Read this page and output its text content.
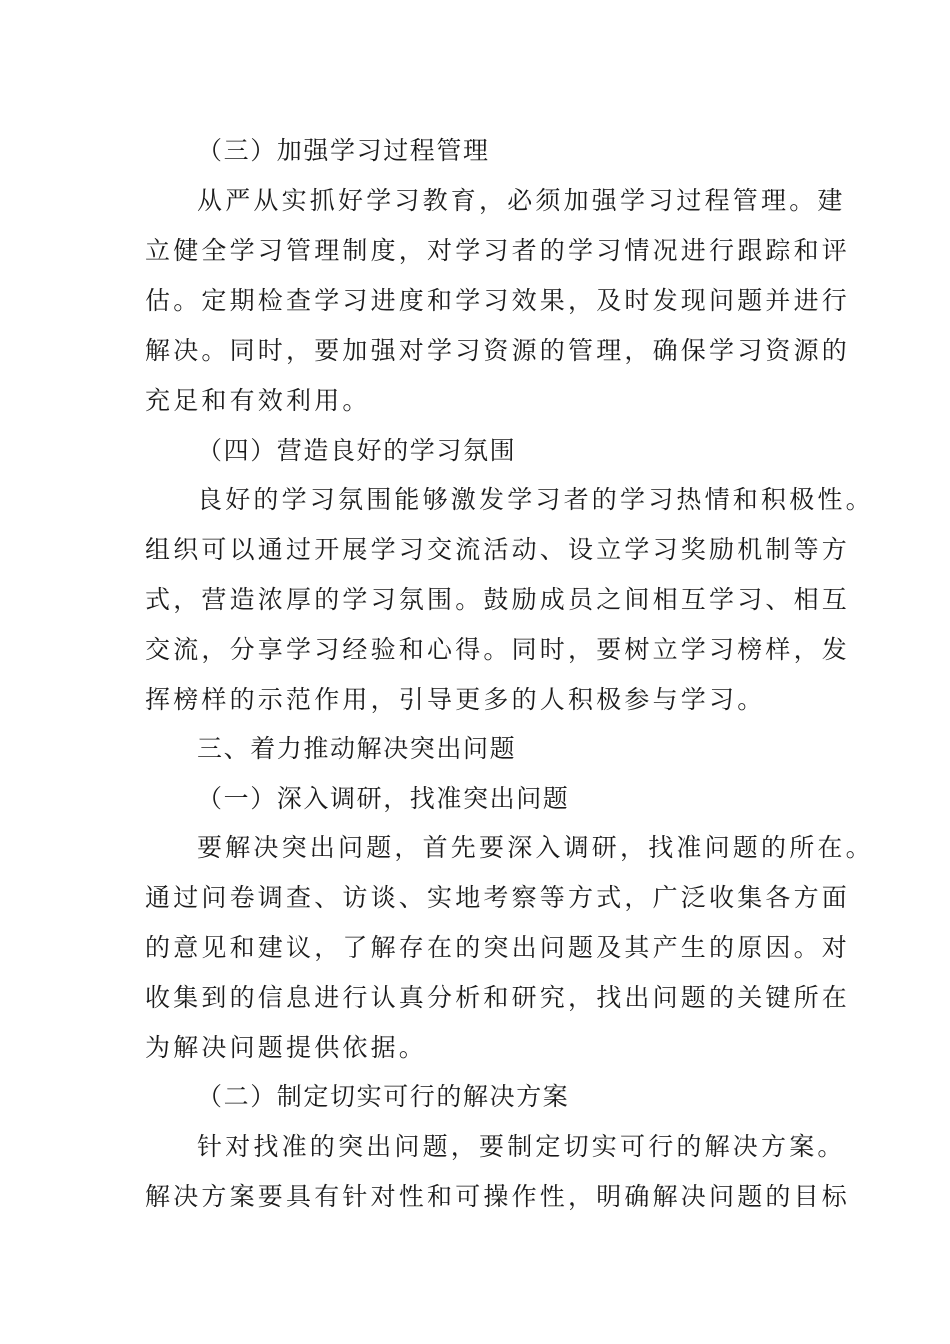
（三）加强学习过程管理
从严从实抓好学习教育，必须加强学习过程管理。建
立健全学习管理制度，对学习者的学习情况进行跟踪和评
估。定期检查学习进度和学习效果，及时发现问题并进行
解决。同时，要加强对学习资源的管理，确保学习资源的
充足和有效利用。
（四）营造良好的学习氛围
良好的学习氛围能够激发学习者的学习热情和积极性。
组织可以通过开展学习交流活动、设立学习奖励机制等方
式，营造浓厚的学习氛围。鼓励成员之间相互学习、相互
交流，分享学习经验和心得。同时，要树立学习榜样，发
挥榜样的示范作用，引导更多的人积极参与学习。
三、着力推动解决突出问题
（一）深入调研，找准突出问题
要解决突出问题，首先要深入调研，找准问题的所在。
通过问卷调查、访谈、实地考察等方式，广泛收集各方面
的意见和建议，了解存在的突出问题及其产生的原因。对
收集到的信息进行认真分析和研究，找出问题的关键所在
为解决问题提供依据。
（二）制定切实可行的解决方案
针对找准的突出问题，要制定切实可行的解决方案。
解决方案要具有针对性和可操作性，明确解决问题的目标
